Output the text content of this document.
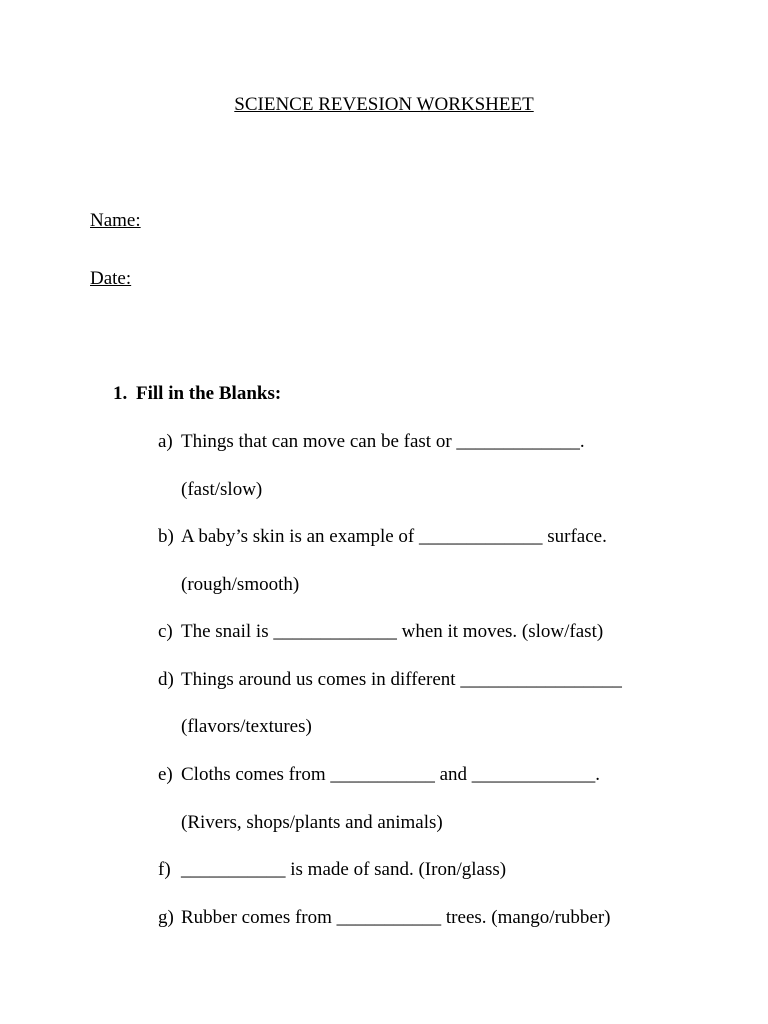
SCIENCE REVESION WORKSHEET
Name:
Date:
1. Fill in the Blanks:
a) Things that can move can be fast or _____________.
(fast/slow)
b) A baby’s skin is an example of _____________ surface.
(rough/smooth)
c) The snail is _____________ when it moves. (slow/fast)
d) Things around us comes in different _________________
(flavors/textures)
e) Cloths comes from ___________ and _____________.
(Rivers, shops/plants and animals)
f) ___________ is made of sand. (Iron/glass)
g) Rubber comes from ___________ trees. (mango/rubber)
